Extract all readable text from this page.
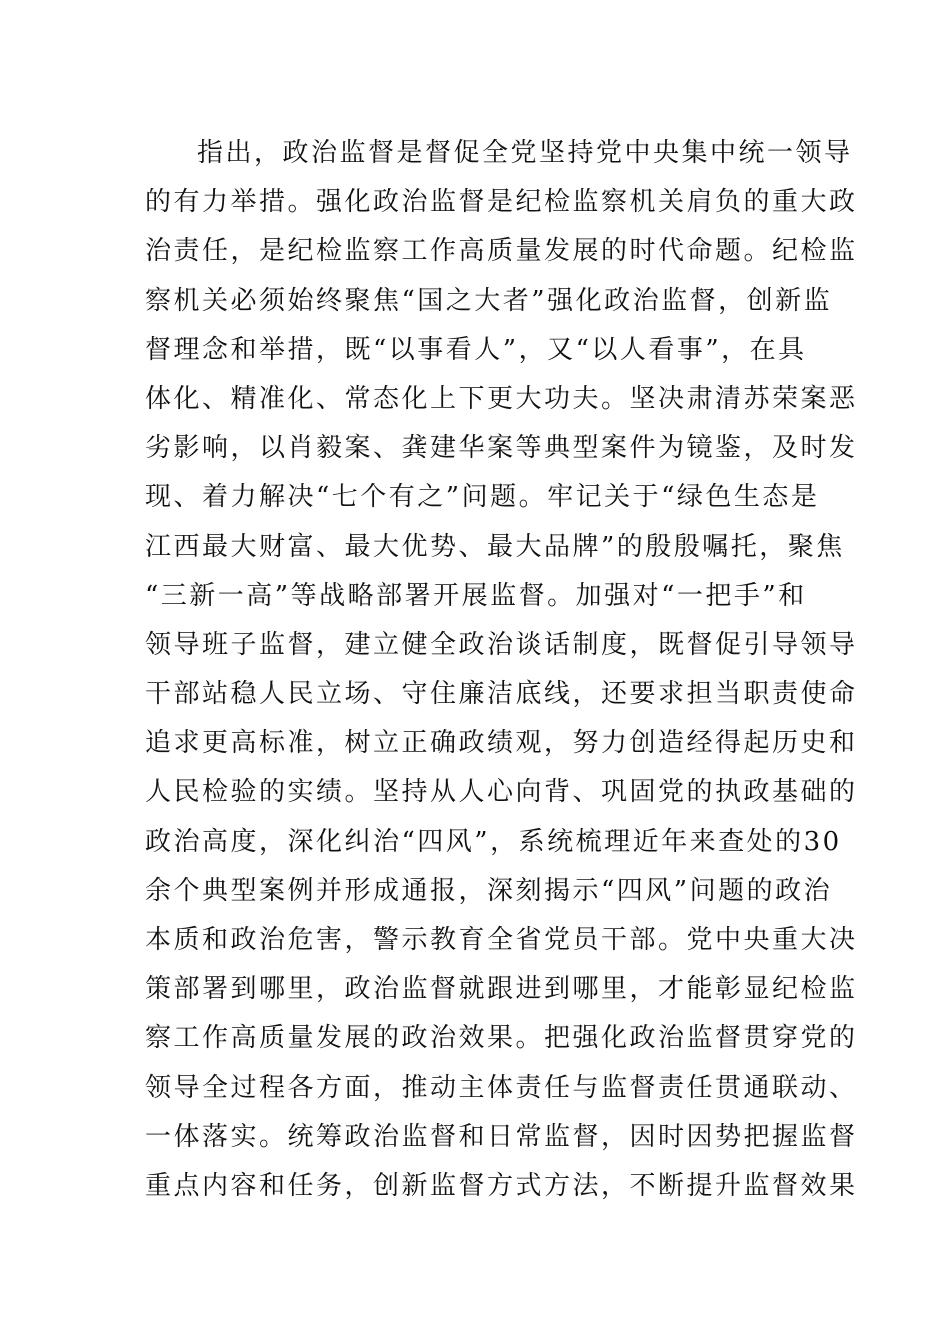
指出，政治监督是督促全党坚持党中央集中统一领导
的有力举措。强化政治监督是纪检监察机关肩负的重大政
治责任，是纪检监察工作高质量发展的时代命题。纪检监
察机关必须始终聚焦“国之大者”强化政治监督，创新监
督理念和举措，既“以事看人”，又“以人看事”，在具
体化、精准化、常态化上下更大功夫。坚决肃清苏荣案恶
劣影响，以肖毅案、龚建华案等典型案件为镜鉴，及时发
现、着力解决“七个有之”问题。牢记关于“绿色生态是
江西最大财富、最大优势、最大品牌”的殷殷嘱托，聚焦
“三新一高”等战略部署开展监督。加强对“一把手”和
领导班子监督，建立健全政治谈话制度，既督促引导领导
干部站稳人民立场、守住廉洁底线，还要求担当职责使命
追求更高标准，树立正确政绩观，努力创造经得起历史和
人民检验的实绩。坚持从人心向背、巩固党的执政基础的
政治高度，深化纠治“四风”，系统梳理近年来查处的30
余个典型案例并形成通报，深刻揭示“四风”问题的政治
本质和政治危害，警示教育全省党员干部。党中央重大决
策部署到哪里，政治监督就跟进到哪里，才能彰显纪检监
察工作高质量发展的政治效果。把强化政治监督贯穿党的
领导全过程各方面，推动主体责任与监督责任贯通联动、
一体落实。统筹政治监督和日常监督，因时因势把握监督
重点内容和任务，创新监督方式方法，不断提升监督效果
